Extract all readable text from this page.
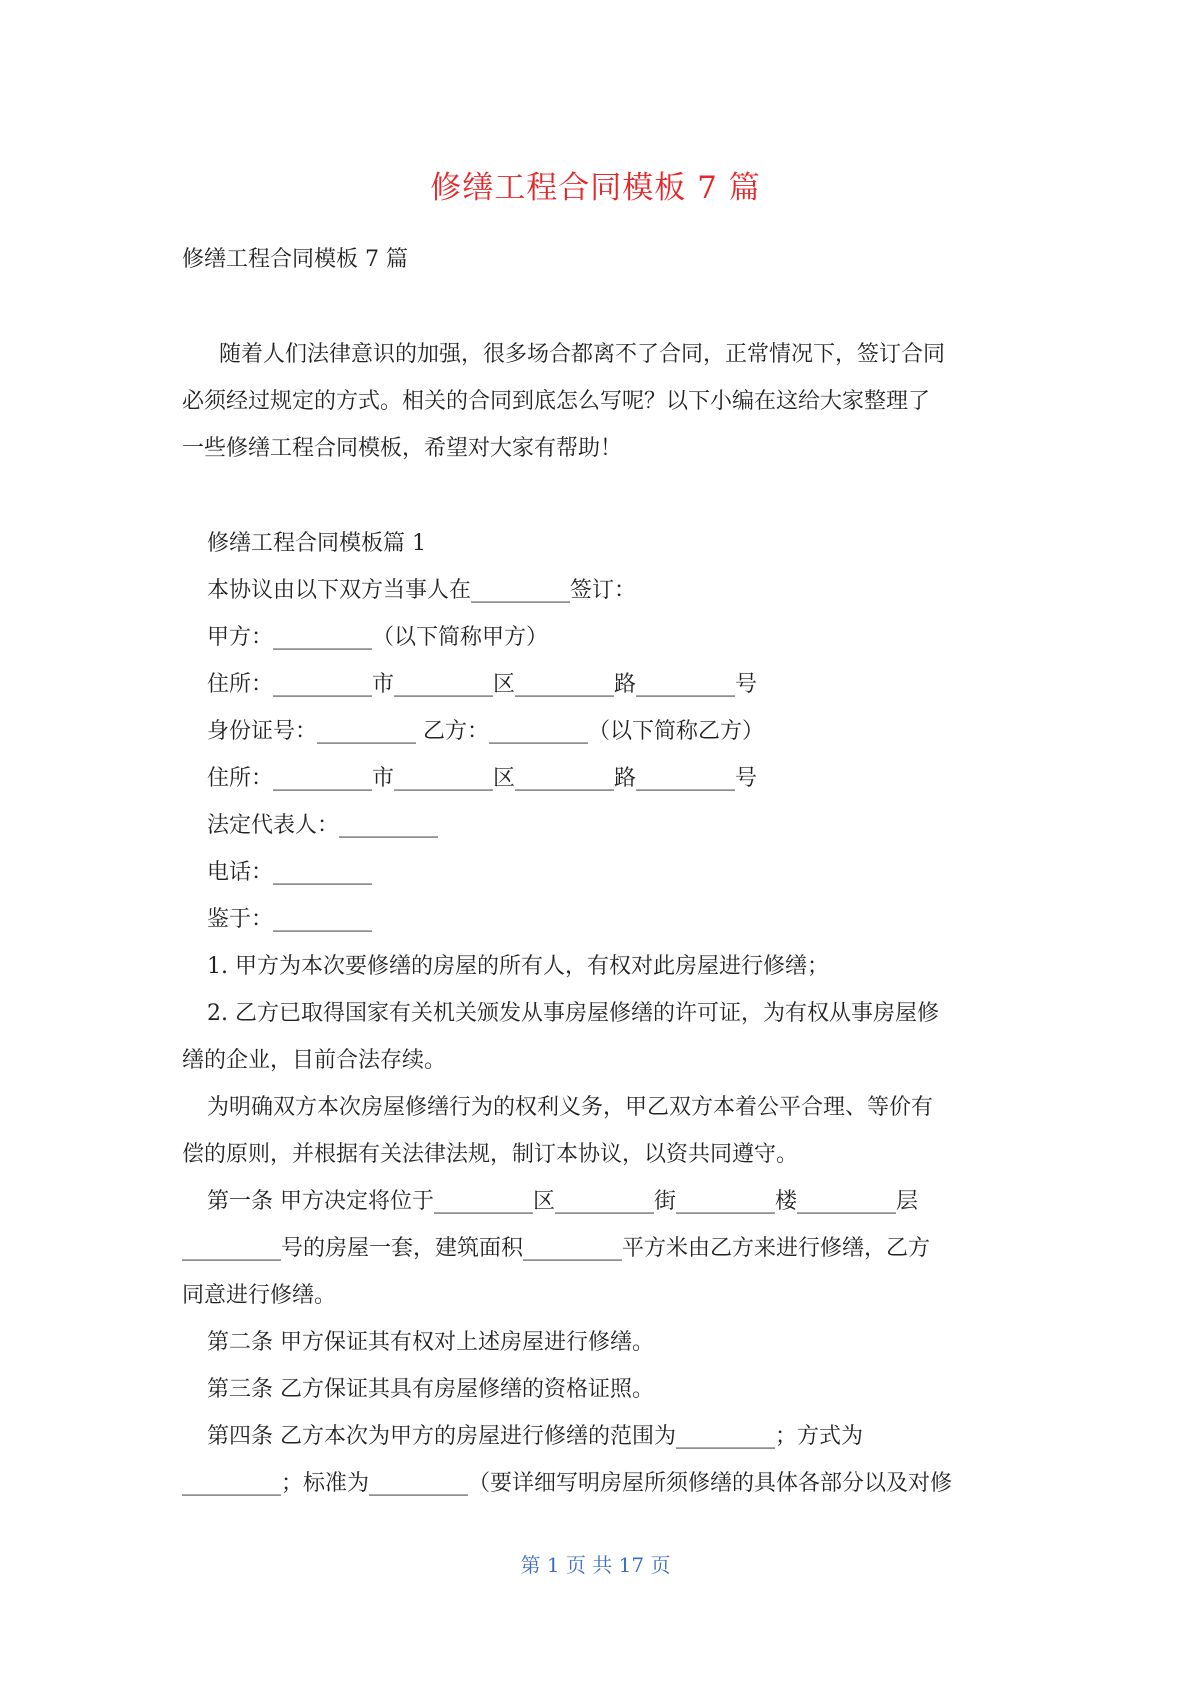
修缮工程合同模板 7 篇
修缮工程合同模板 7 篇
随着人们法律意识的加强，很多场合都离不了合同，正常情况下，签订合同
必须经过规定的方式。相关的合同到底怎么写呢？以下小编在这给大家整理了
一些修缮工程合同模板，希望对大家有帮助！
修缮工程合同模板篇 1
本协议由以下双方当事人在_________签订：
甲方：_________（以下简称甲方）
住所：_________市_________区_________路_________号
身份证号：_________ 乙方：_________（以下简称乙方）
住所：_________市_________区_________路_________号
法定代表人：_________
电话：_________
鉴于：_________
1. 甲方为本次要修缮的房屋的所有人，有权对此房屋进行修缮；
2. 乙方已取得国家有关机关颁发从事房屋修缮的许可证，为有权从事房屋修
缮的企业，目前合法存续。
为明确双方本次房屋修缮行为的权利义务，甲乙双方本着公平合理、等价有
偿的原则，并根据有关法律法规，制订本协议，以资共同遵守。
第一条 甲方决定将位于_________区_________街_________楼_________层
_________号的房屋一套，建筑面积_________平方米由乙方来进行修缮，乙方
同意进行修缮。
第二条 甲方保证其有权对上述房屋进行修缮。
第三条 乙方保证其具有房屋修缮的资格证照。
第四条 乙方本次为甲方的房屋进行修缮的范围为_________；方式为
_________；标准为_________（要详细写明房屋所须修缮的具体各部分以及对修
第 1 页 共 17 页
